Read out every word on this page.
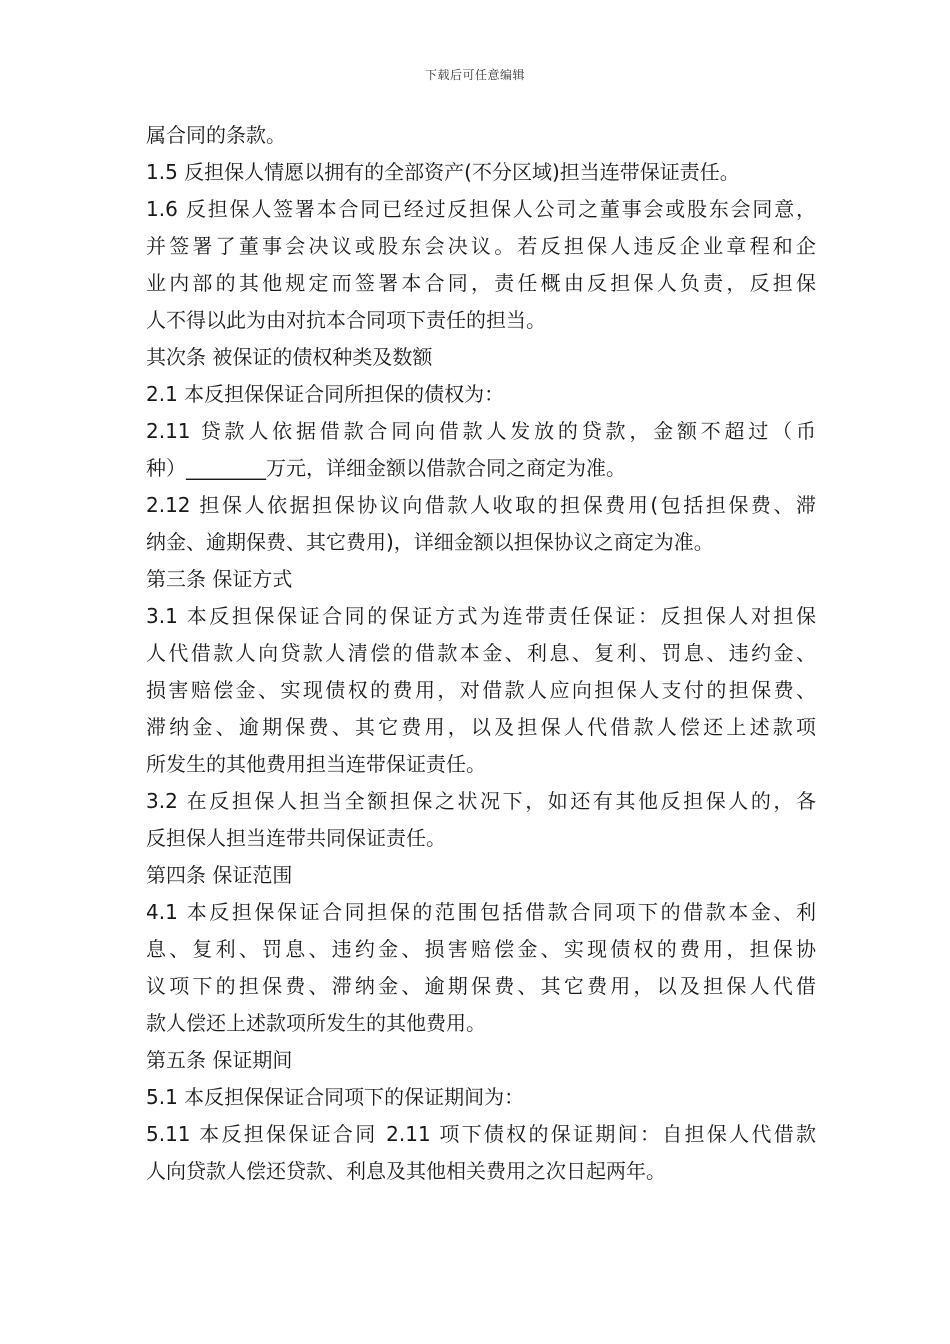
下载后可任意编辑
属合同的条款。
1.5 反担保人情愿以拥有的全部资产(不分区域)担当连带保证责任。
1.6 反担保人签署本合同已经过反担保人公司之董事会或股东会同意，
并签署了董事会决议或股东会决议。若反担保人违反企业章程和企
业内部的其他规定而签署本合同，责任概由反担保人负责，反担保
人不得以此为由对抗本合同项下责任的担当。
其次条 被保证的债权种类及数额
2.1 本反担保保证合同所担保的债权为：
2.11 贷款人依据借款合同向借款人发放的贷款，金额不超过（币
种）________万元，详细金额以借款合同之商定为准。
2.12 担保人依据担保协议向借款人收取的担保费用(包括担保费、滞
纳金、逾期保费、其它费用)，详细金额以担保协议之商定为准。
第三条 保证方式
3.1 本反担保保证合同的保证方式为连带责任保证：反担保人对担保
人代借款人向贷款人清偿的借款本金、利息、复利、罚息、违约金、
损害赔偿金、实现债权的费用，对借款人应向担保人支付的担保费、
滞纳金、逾期保费、其它费用，以及担保人代借款人偿还上述款项
所发生的其他费用担当连带保证责任。
3.2 在反担保人担当全额担保之状况下，如还有其他反担保人的，各
反担保人担当连带共同保证责任。
第四条 保证范围
4.1 本反担保保证合同担保的范围包括借款合同项下的借款本金、利
息、复利、罚息、违约金、损害赔偿金、实现债权的费用，担保协
议项下的担保费、滞纳金、逾期保费、其它费用，以及担保人代借
款人偿还上述款项所发生的其他费用。
第五条 保证期间
5.1 本反担保保证合同项下的保证期间为：
5.11 本反担保保证合同 2.11 项下债权的保证期间：自担保人代借款
人向贷款人偿还贷款、利息及其他相关费用之次日起两年。
